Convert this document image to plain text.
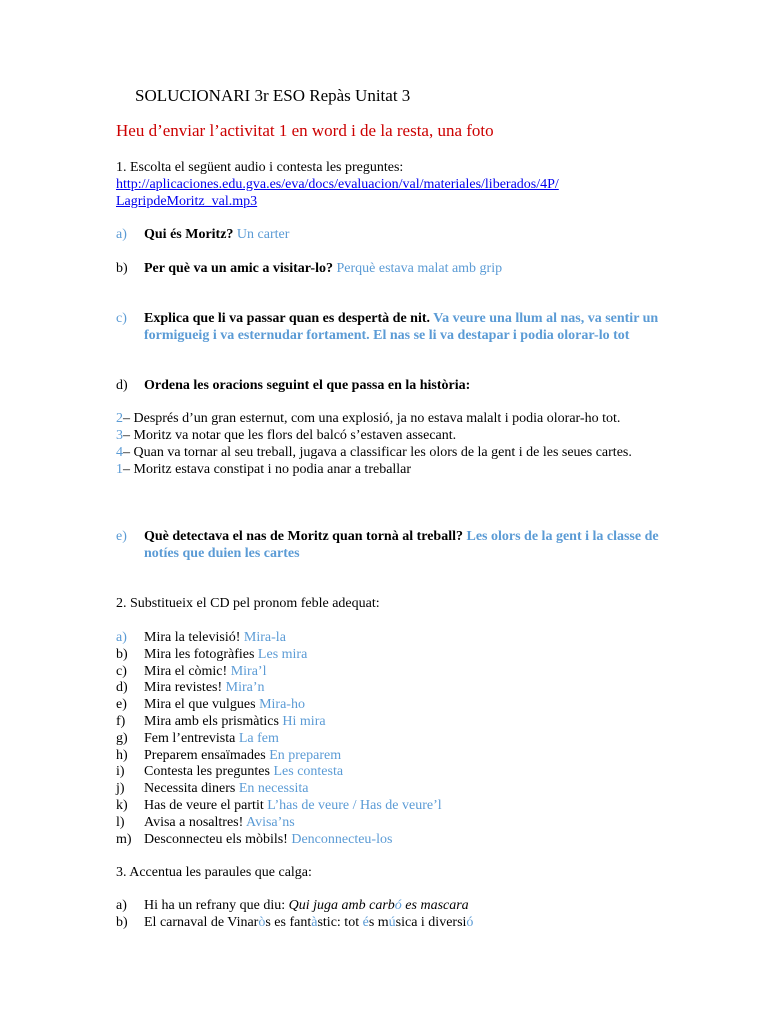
SOLUCIONARI 3r ESO Repàs Unitat 3
Heu d’enviar l’activitat 1 en word i de la resta, una foto
1. Escolta el següent audio i contesta les preguntes:
http://aplicaciones.edu.gva.es/eva/docs/evaluacion/val/materiales/liberados/4P/
LagripdeMoritz_val.mp3
a) Qui és Moritz? Un carter
b) Per què va un amic a visitar-lo? Perquè estava malat amb grip
c) Explica que li va passar quan es despertà de nit. Va veure una llum al nas, va sentir un formigueig i va esternudar fortament. El nas se li va destapar i podia olorar-lo tot
d) Ordena les oracions seguint el que passa en la història:
2– Després d’un gran esternut, com una explosió, ja no estava malalt i podia olorar-ho tot.
3– Moritz va notar que les flors del balcó s’estaven assecant.
4– Quan va tornar al seu treball, jugava a classificar les olors de la gent i de les seues cartes.
1– Moritz estava constipat i no podia anar a treballar
e) Què detectava el nas de Moritz quan tornà al treball? Les olors de la gent i la classe de notíes que duien les cartes
2. Substitueix el CD pel pronom feble adequat:
a) Mira la televisió! Mira-la
b) Mira les fotogràfies Les mira
c) Mira el còmic! Mira’l
d) Mira revistes! Mira’n
e) Mira el que vulgues Mira-ho
f) Mira amb els prismàtics Hi mira
g) Fem l’entrevista La fem
h) Preparem ensaïmades En preparem
i) Contesta les preguntes Les contesta
j) Necessita diners En necessita
k) Has de veure el partit L’has de veure / Has de veure’l
l) Avisa a nosaltres! Avisa’ns
m) Desconnecteu els mòbils! Denconnecteu-los
3. Accentua les paraules que calga:
a) Hi ha un refrany que diu: Qui juga amb carbó es mascara
b) El carnaval de Vinaròs es fantàstic: tot és música i diversió
